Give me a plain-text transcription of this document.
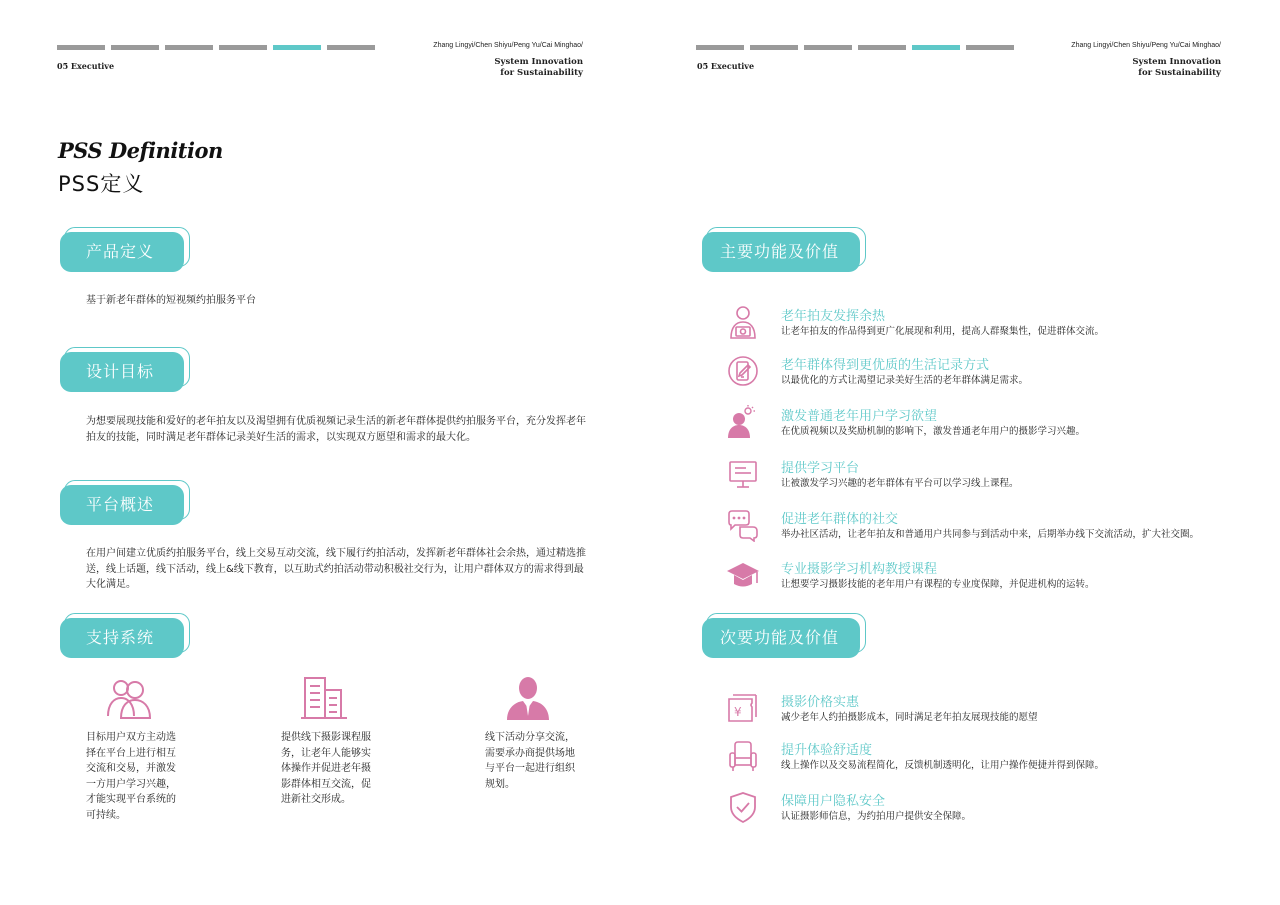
05 Executive
Zhang Lingyi/Chen Shiyu/Peng Yu/Cai Minghao/
System Innovation
for Sustainability
PSS Definition
PSS定义
产品定义
基于新老年群体的短视频约拍服务平台
设计目标
为想要展现技能和爱好的老年拍友以及渴望拥有优质视频记录生活的新老年群体提供约拍服务平台，充分发挥老年拍友的技能，同时满足老年群体记录美好生活的需求，以实现双方愿望和需求的最大化。
平台概述
在用户间建立优质约拍服务平台，线上交易互动交流，线下履行约拍活动，发挥新老年群体社会余热，通过精选推送，线上话题，线下活动，线上&线下教育，以互助式约拍活动带动积极社交行为，让用户群体双方的需求得到最大化满足。
支持系统
目标用户双方主动选择在平台上进行相互交流和交易，并激发一方用户学习兴趣，才能实现平台系统的可持续。
提供线下摄影课程服务，让老年人能够实体操作并促进老年摄影群体相互交流，促进新社交形成。
线下活动分享交流，需要承办商提供场地与平台一起进行组织规划。
05 Executive
Zhang Lingyi/Chen Shiyu/Peng Yu/Cai Minghao/
System Innovation
for Sustainability
主要功能及价值
老年拍友发挥余热
让老年拍友的作品得到更广化展现和利用，提高人群聚集性，促进群体交流。
老年群体得到更优质的生活记录方式
以最优化的方式让渴望记录美好生活的老年群体满足需求。
激发普通老年用户学习欲望
在优质视频以及奖励机制的影响下，激发普通老年用户的摄影学习兴趣。
提供学习平台
让被激发学习兴趣的老年群体有平台可以学习线上课程。
促进老年群体的社交
举办社区活动，让老年拍友和普通用户共同参与到活动中来，后期举办线下交流活动，扩大社交圈。
专业摄影学习机构教授课程
让想要学习摄影技能的老年用户有课程的专业度保障，并促进机构的运转。
次要功能及价值
¥
摄影价格实惠
减少老年人约拍摄影成本，同时满足老年拍友展现技能的愿望
提升体验舒适度
线上操作以及交易流程简化，反馈机制透明化，让用户操作便捷并得到保障。
保障用户隐私安全
认证摄影师信息，为约拍用户提供安全保障。
